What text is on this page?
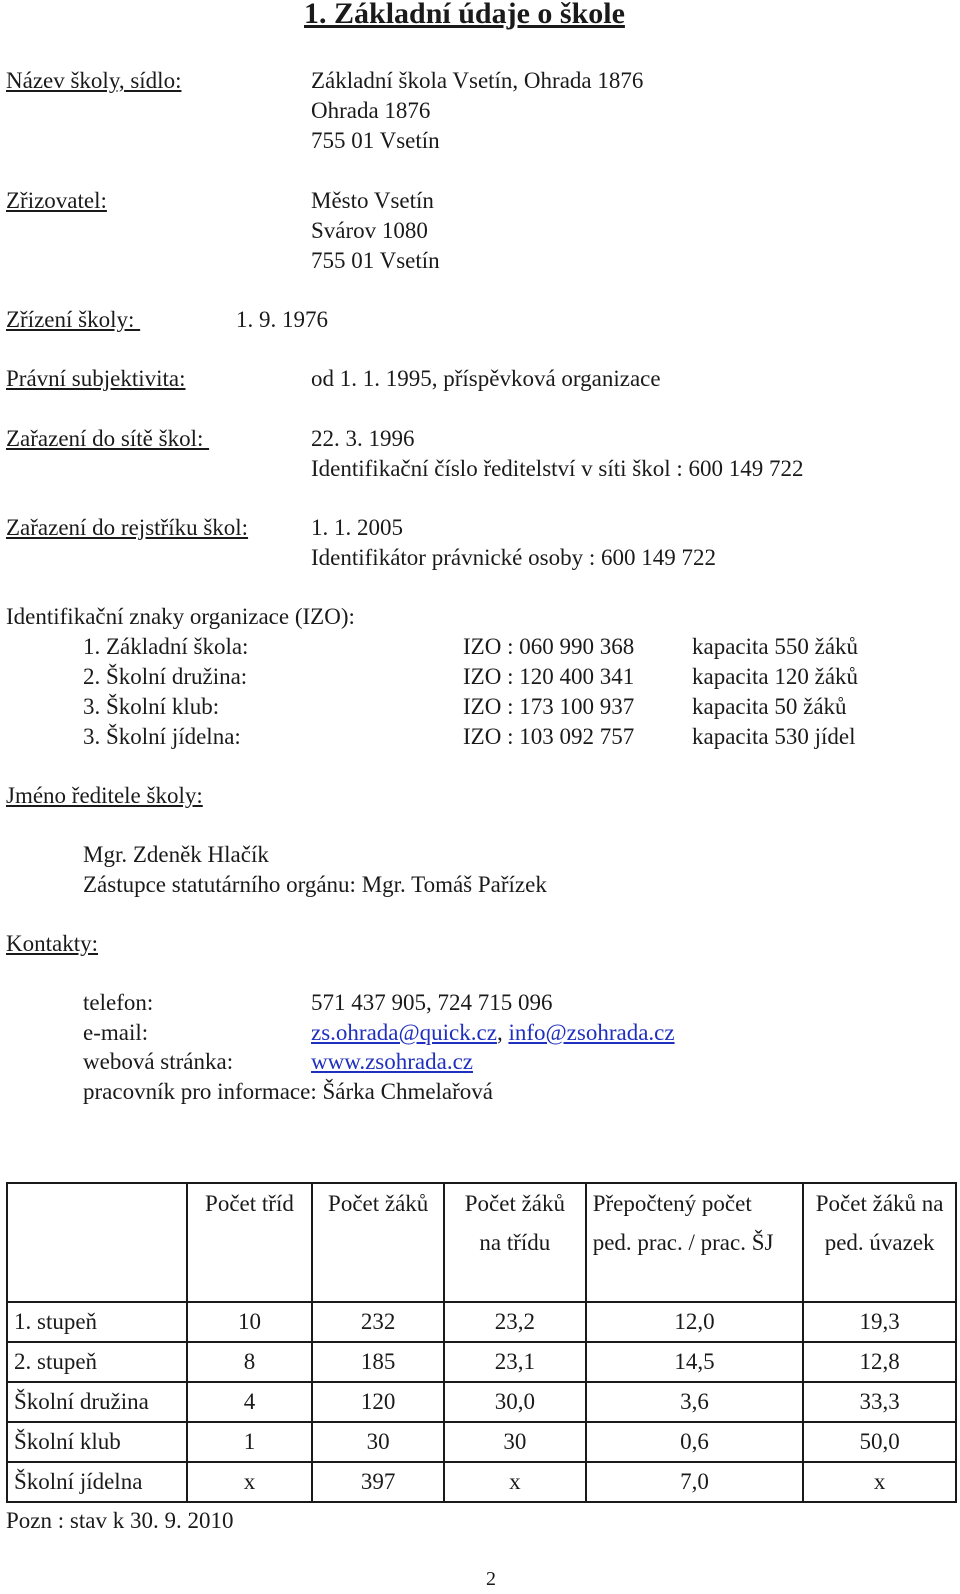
1. Základní údaje o škole
Název školy, sídlo:	Základní škola Vsetín, Ohrada 1876
Ohrada 1876
755 01 Vsetín
Zřizovatel:	Město Vsetín
Svárov 1080
755 01 Vsetín
Zřízení školy:	1. 9. 1976
Právní subjektivita:	od 1. 1. 1995, příspěvková organizace
Zařazení do sítě škol:	22. 3. 1996
Identifikační číslo ředitelství v síti škol : 600 149 722
Zařazení do rejstříku škol:	1. 1. 2005
Identifikátor právnické osoby : 600 149 722
Identifikační znaky organizace (IZO):
1. Základní škola:	IZO : 060 990 368	kapacita 550 žáků
2. Školní družina:	IZO : 120 400 341	kapacita 120 žáků
3. Školní klub:	IZO : 173 100 937	kapacita 50 žáků
3. Školní jídelna:	IZO : 103 092 757	kapacita 530 jídel
Jméno ředitele školy:
Mgr. Zdeněk Hlačík
Zástupce statutárního orgánu: Mgr. Tomáš Pařízek
Kontakty:
telefon:	571 437 905, 724 715 096
e-mail:	zs.ohrada@quick.cz, info@zsohrada.cz
webová stránka:	www.zsohrada.cz
pracovník pro informace: Šárka Chmelařová
	Počet tříd	Počet žáků	Počet žáků na třídu	Přepočtený počet ped. prac. / prac. ŠJ	Počet žáků na ped. úvazek
1. stupeň	10	232	23,2	12,0	19,3
2. stupeň	8	185	23,1	14,5	12,8
Školní družina	4	120	30,0	3,6	33,3
Školní klub	1	30	30	0,6	50,0
Školní jídelna	x	397	x	7,0	x
Pozn : stav k 30. 9. 2010
2
